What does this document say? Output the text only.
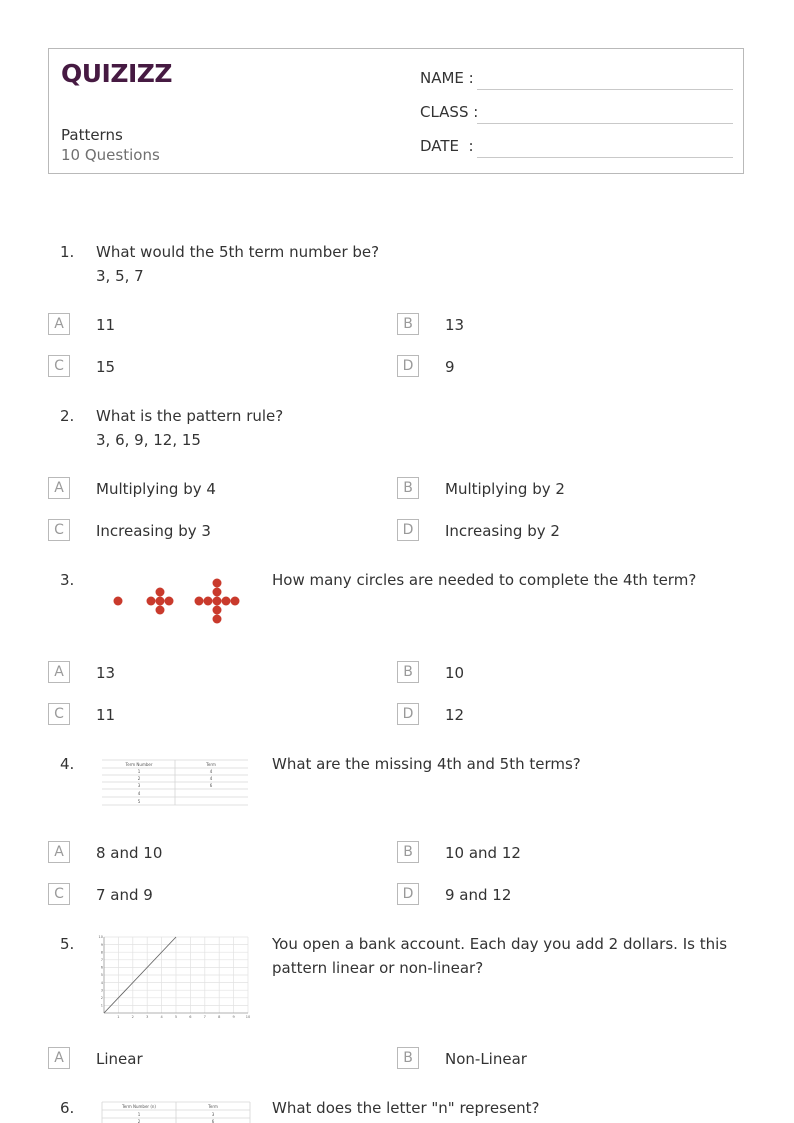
QUIZIZZ
Patterns
10 Questions
NAME :
CLASS :
DATE  :
1. What would the 5th term number be?
3, 5, 7
A	11	B	13
C	15	D	9
2. What is the pattern rule?
3, 6, 9, 12, 15
A	Multiplying by 4	B	Multiplying by 2
C	Increasing by 3	D	Increasing by 2
3.	How many circles are needed to complete the 4th term?
A	13	B	10
C	11	D	12
4.	Term Number	Term
1	4
2	4
3	6
4
5
What are the missing 4th and 5th terms?
A	8 and 10	B	10 and 12
C	7 and 9	D	9 and 12
5.
1	2	3	4	5	6	7	8	9	10
1
2
3
4
5
6
7
8
9
10	You open a bank account. Each day you add 2 dollars. Is this
pattern linear or non-linear?
A	Linear	B	Non-Linear
6.	Term Number (n)	Term
1	3
2	6
What does the letter "n" represent?
